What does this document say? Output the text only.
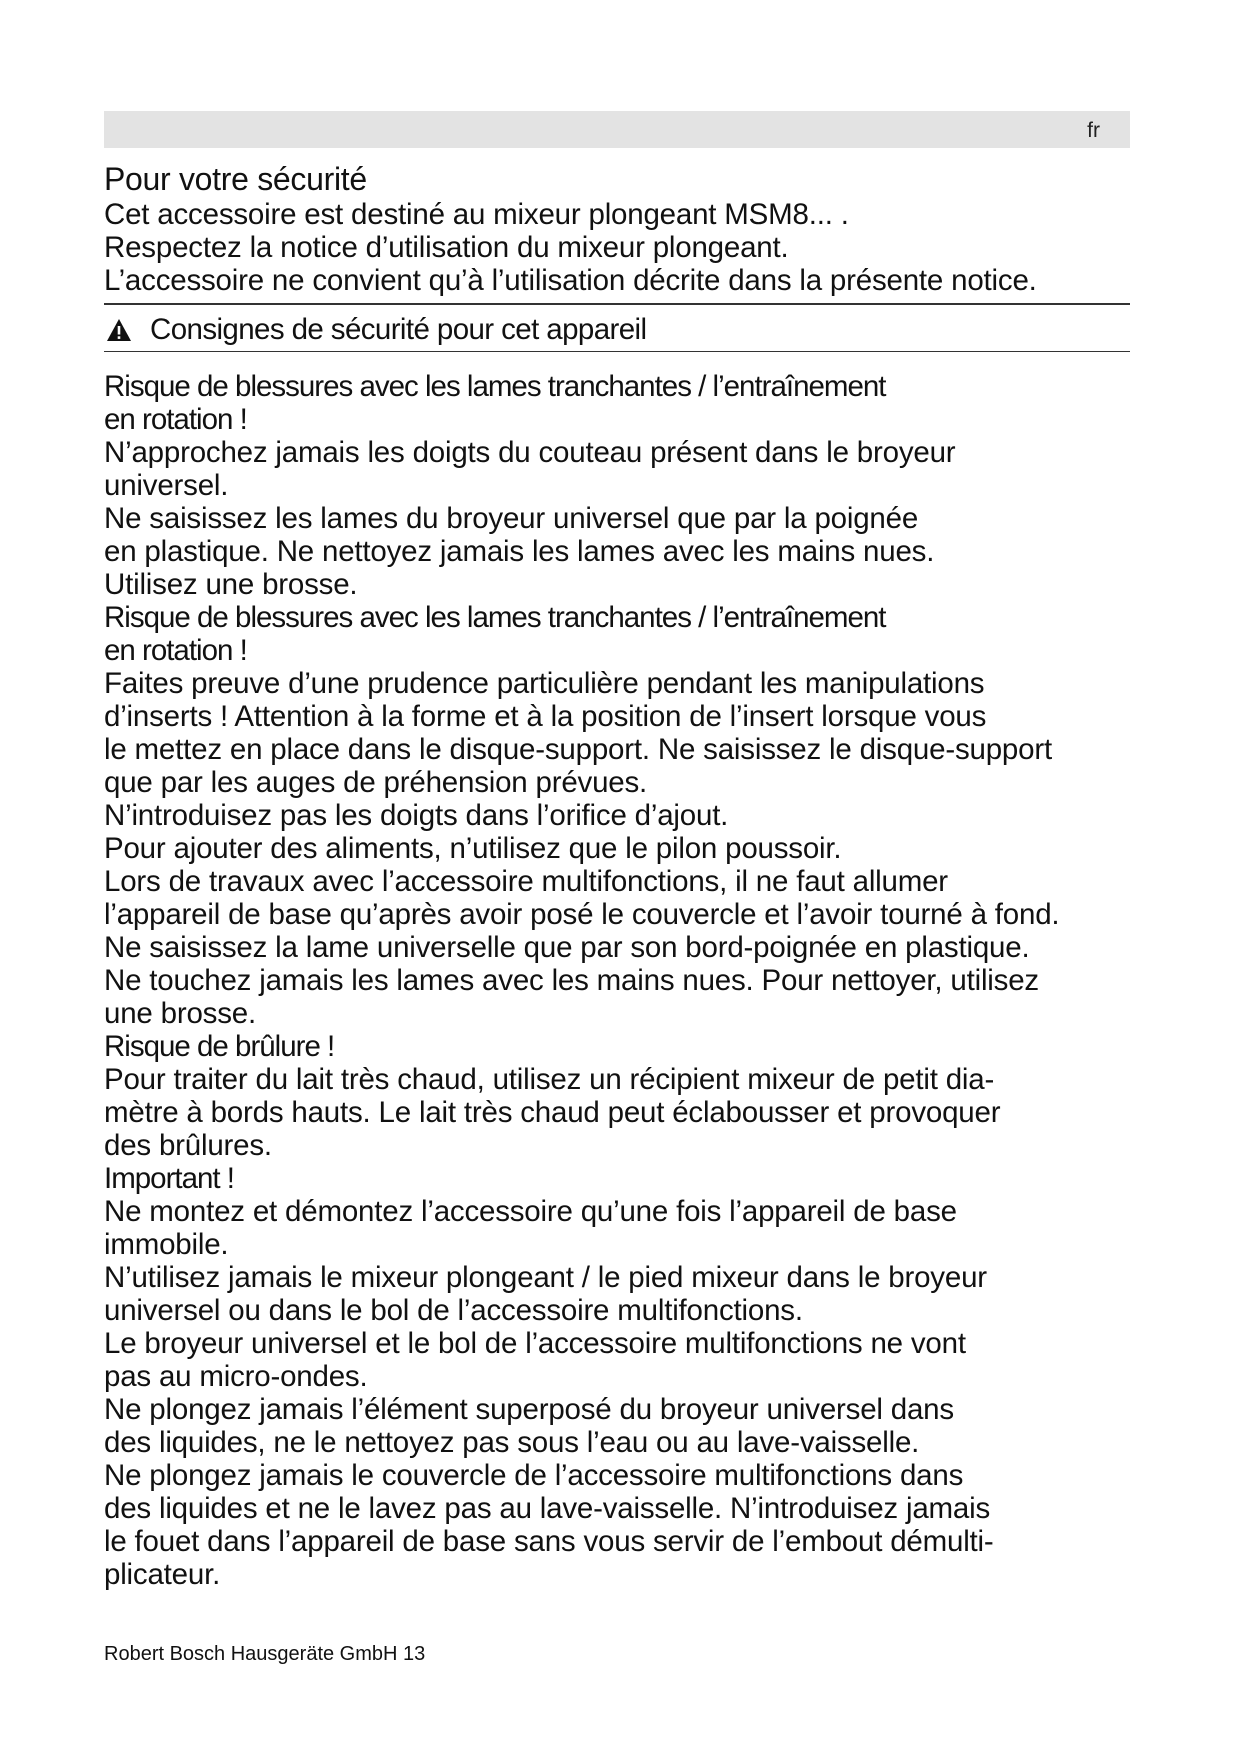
fr
Pour votre sécurité

Cet accessoire est destiné au mixeur plongeant MSM8... .

Respectez la notice d’utilisation du mixeur plongeant.

L’accessoire ne convient qu’à l’utilisation décrite dans la présente notice.

Consignes de sécurité pour cet appareil

Risque de blessures avec les lames tranchantes / l’entraînement

en rotation !

N’approchez jamais les doigts du couteau présent dans le broyeur

universel.

Ne saisissez les lames du broyeur universel que par la poignée

en plastique. Ne nettoyez jamais les lames avec les mains nues.

Utilisez une brosse.

Risque de blessures avec les lames tranchantes / l’entraînement

en rotation !

Faites preuve d’une prudence particulière pendant les manipulations

d’inserts ! Attention à la forme et à la position de l’insert lorsque vous

le mettez en place dans le disque-support. Ne saisissez le disque-support

que par les auges de préhension prévues.

N’introduisez pas les doigts dans l’orifice d’ajout.

Pour ajouter des aliments, n’utilisez que le pilon poussoir.

Lors de travaux avec l’accessoire multifonctions, il ne faut allumer

l’appareil de base qu’après avoir posé le couvercle et l’avoir tourné à fond.

Ne saisissez la lame universelle que par son bord-poignée en plastique.

Ne touchez jamais les lames avec les mains nues. Pour nettoyer, utilisez

une brosse.

Risque de brûlure !

Pour traiter du lait très chaud, utilisez un récipient mixeur de petit dia-

mètre à bords hauts. Le lait très chaud peut éclabousser et provoquer

des brûlures.

Important !

Ne montez et démontez l’accessoire qu’une fois l’appareil de base

immobile.

N’utilisez jamais le mixeur plongeant / le pied mixeur dans le broyeur

universel ou dans le bol de l’accessoire multifonctions.

Le broyeur universel et le bol de l’accessoire multifonctions ne vont

pas au micro-ondes.

Ne plongez jamais l’élément superposé du broyeur universel dans

des liquides, ne le nettoyez pas sous l’eau ou au lave-vaisselle.

Ne plongez jamais le couvercle de l’accessoire multifonctions dans

des liquides et ne le lavez pas au lave-vaisselle. N’introduisez jamais

le fouet dans l’appareil de base sans vous servir de l’embout démulti-

plicateur.

Robert Bosch Hausgeräte GmbH 13
